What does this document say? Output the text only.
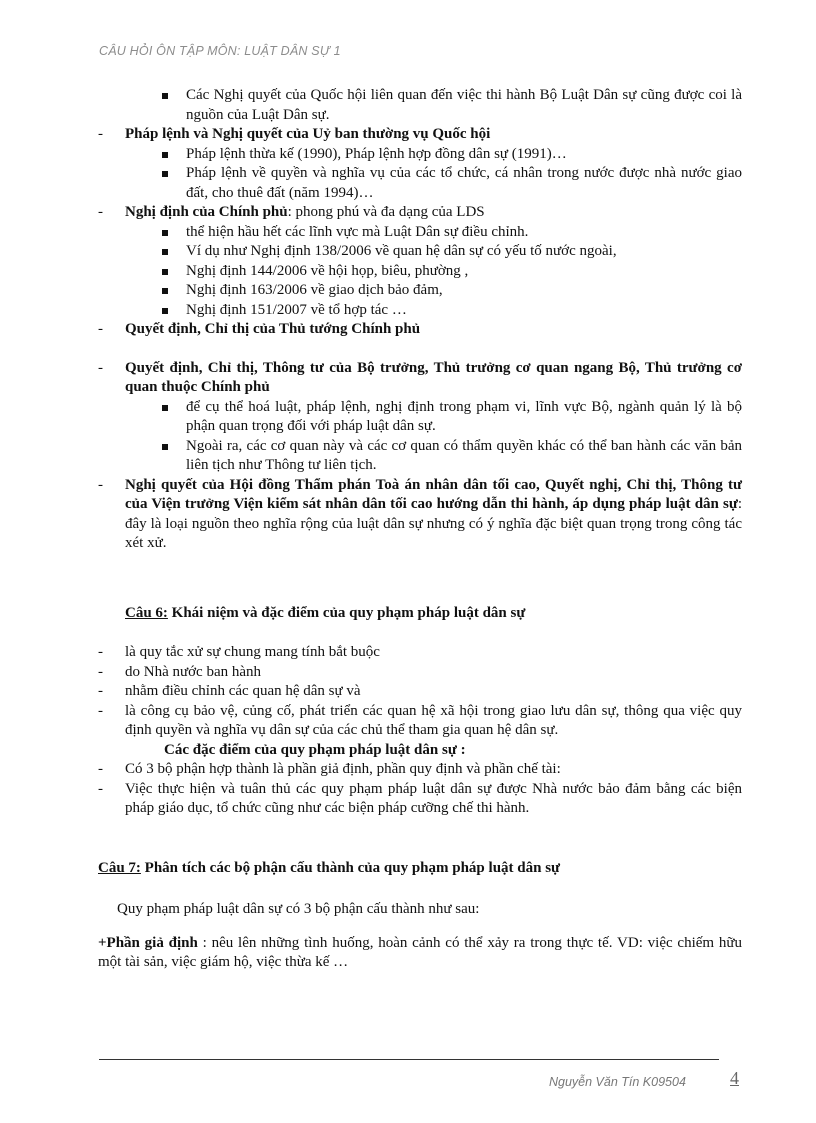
CÂU HỎI ÔN TẬP MÔN: LUẬT DÂN SỰ 1
Các Nghị quyết của Quốc hội liên quan đến việc thi hành Bộ Luật Dân sự cũng được coi là nguồn của Luật Dân sự.
- Pháp lệnh và Nghị quyết của Uỷ ban thường vụ Quốc hội
Pháp lệnh thừa kế (1990), Pháp lệnh hợp đồng dân sự (1991)…
Pháp lệnh về quyền và nghĩa vụ của các tổ chức, cá nhân trong nước được nhà nước giao đất, cho thuê đất (năm 1994)…
- Nghị định của Chính phủ: phong phú và đa dạng của LDS
thể hiện hầu hết các lĩnh vực mà Luật Dân sự điều chỉnh.
Ví dụ như Nghị định 138/2006 về quan hệ dân sự có yếu tố nước ngoài,
Nghị định 144/2006 về hội họp, biêu, phường ,
Nghị định 163/2006 về giao dịch bảo đảm,
Nghị định 151/2007 về tổ hợp tác …
- Quyết định, Chỉ thị của Thủ tướng Chính phủ
- Quyết định, Chỉ thị, Thông tư của Bộ trưởng, Thủ trưởng cơ quan ngang Bộ, Thủ trưởng cơ quan thuộc Chính phủ
để cụ thể hoá luật, pháp lệnh, nghị định trong phạm vi, lĩnh vực Bộ, ngành quản lý là bộ phận quan trọng đối với pháp luật dân sự.
Ngoài ra, các cơ quan này và các cơ quan có thẩm quyền khác có thể ban hành các văn bản liên tịch như Thông tư liên tịch.
- Nghị quyết của Hội đồng Thẩm phán Toà án nhân dân tối cao, Quyết nghị, Chỉ thị, Thông tư của Viện trưởng Viện kiểm sát nhân dân tối cao hướng dẫn thi hành, áp dụng pháp luật dân sự: đây là loại nguồn theo nghĩa rộng của luật dân sự nhưng có ý nghĩa đặc biệt quan trọng trong công tác xét xử.
Câu 6: Khái niệm và đặc điểm của quy phạm pháp luật dân sự
- là quy tắc xử sự chung mang tính bắt buộc
- do Nhà nước ban hành
- nhằm điều chỉnh các quan hệ dân sự và
- là công cụ bảo vệ, củng cố, phát triển các quan hệ xã hội trong giao lưu dân sự, thông qua việc quy định quyền và nghĩa vụ dân sự của các chủ thể tham gia quan hệ dân sự.
Các đặc điểm của quy phạm pháp luật dân sự :
- Có 3 bộ phận hợp thành là phần giả định, phần quy định và phần chế tài:
- Việc thực hiện và tuân thủ các quy phạm pháp luật dân sự được Nhà nước bảo đảm bằng các biện pháp giáo dục, tổ chức cũng như các biện pháp cưỡng chế thi hành.
Câu 7: Phân tích các bộ phận cấu thành của quy phạm pháp luật dân sự
Quy phạm pháp luật dân sự có 3 bộ phận cấu thành như sau:
+Phần giả định : nêu lên những tình huống, hoàn cảnh có thể xảy ra trong thực tế. VD: việc chiếm hữu một tài sản, việc giám hộ, việc thừa kế …
Nguyễn Văn Tín K09504 4
